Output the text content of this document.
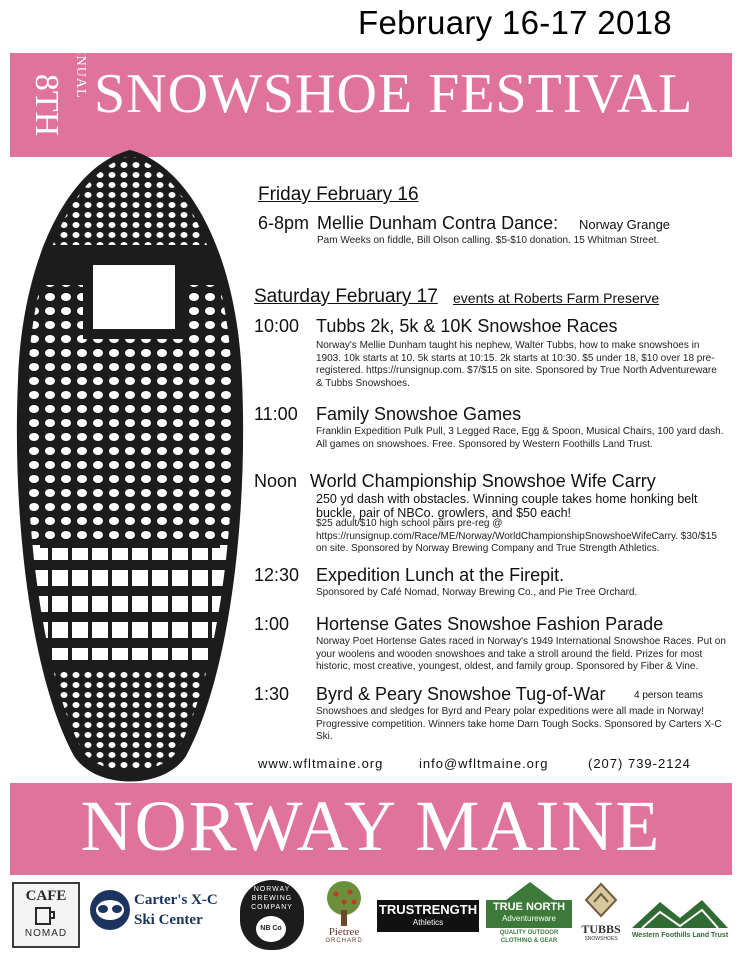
February 16-17 2018
8TH
ANNUAL SNOWSHOE FESTIVAL
Friday February 16
6-8pm Mellie Dunham Contra Dance: Norway Grange
Pam Weeks on fiddle, Bill Olson calling. $5-$10 donation. 15 Whitman Street.
Saturday February 17 events at Roberts Farm Preserve
10:00 Tubbs 2k, 5k & 10K Snowshoe Races
Norway's Mellie Dunham taught his nephew, Walter Tubbs, how to make snowshoes in 1903. 10k starts at 10. 5k starts at 10:15. 2k starts at 10:30. $5 under 18, $10 over 18 pre-registered. https://runsignup.com. $7/$15 on site. Sponsored by True North Adventureware & Tubbs Snowshoes.
11:00 Family Snowshoe Games
Franklin Expedition Pulk Pull, 3 Legged Race, Egg & Spoon, Musical Chairs, 100 yard dash. All games on snowshoes. Free. Sponsored by Western Foothills Land Trust.
Noon World Championship Snowshoe Wife Carry
250 yd dash with obstacles. Winning couple takes home honking belt buckle, pair of NBCo. growlers, and $50 each!
$25 adult/$10 high school pairs pre-reg @ https://runsignup.com/Race/ME/Norway/WorldChampionshipSnowshoeWifeCarry. $30/$15 on site. Sponsored by Norway Brewing Company and True Strength Athletics.
12:30 Expedition Lunch at the Firepit.
Sponsored by Café Nomad, Norway Brewing Co., and Pie Tree Orchard.
1:00 Hortense Gates Snowshoe Fashion Parade
Norway Poet Hortense Gates raced in Norway's 1949 International Snowshoe Races. Put on your woolens and wooden snowshoes and take a stroll around the field. Prizes for most historic, most creative, youngest, oldest, and family group. Sponsored by Fiber & Vine.
1:30 Byrd & Peary Snowshoe Tug-of-War	4 person teams
Snowshoes and sledges for Byrd and Peary polar expeditions were all made in Norway! Progressive competition. Winners take home Darn Tough Socks. Sponsored by Carters X-C Ski.
www.wfltmaine.org	info@wfltmaine.org	(207) 739-2124
NORWAY MAINE
CAFE
NOMAD
Carter's X-C
Ski Center
NORWAY
BREWING
COMPANY
NB Co	Pietree
ORCHARD
TRUSTRENGTH
Athletics
TRUE NORTH
Adventureware
QUALITY OUTDOOR
CLOTHING & GEAR
TUBBS
SNOWSHOES	Western Foothills Land Trust
